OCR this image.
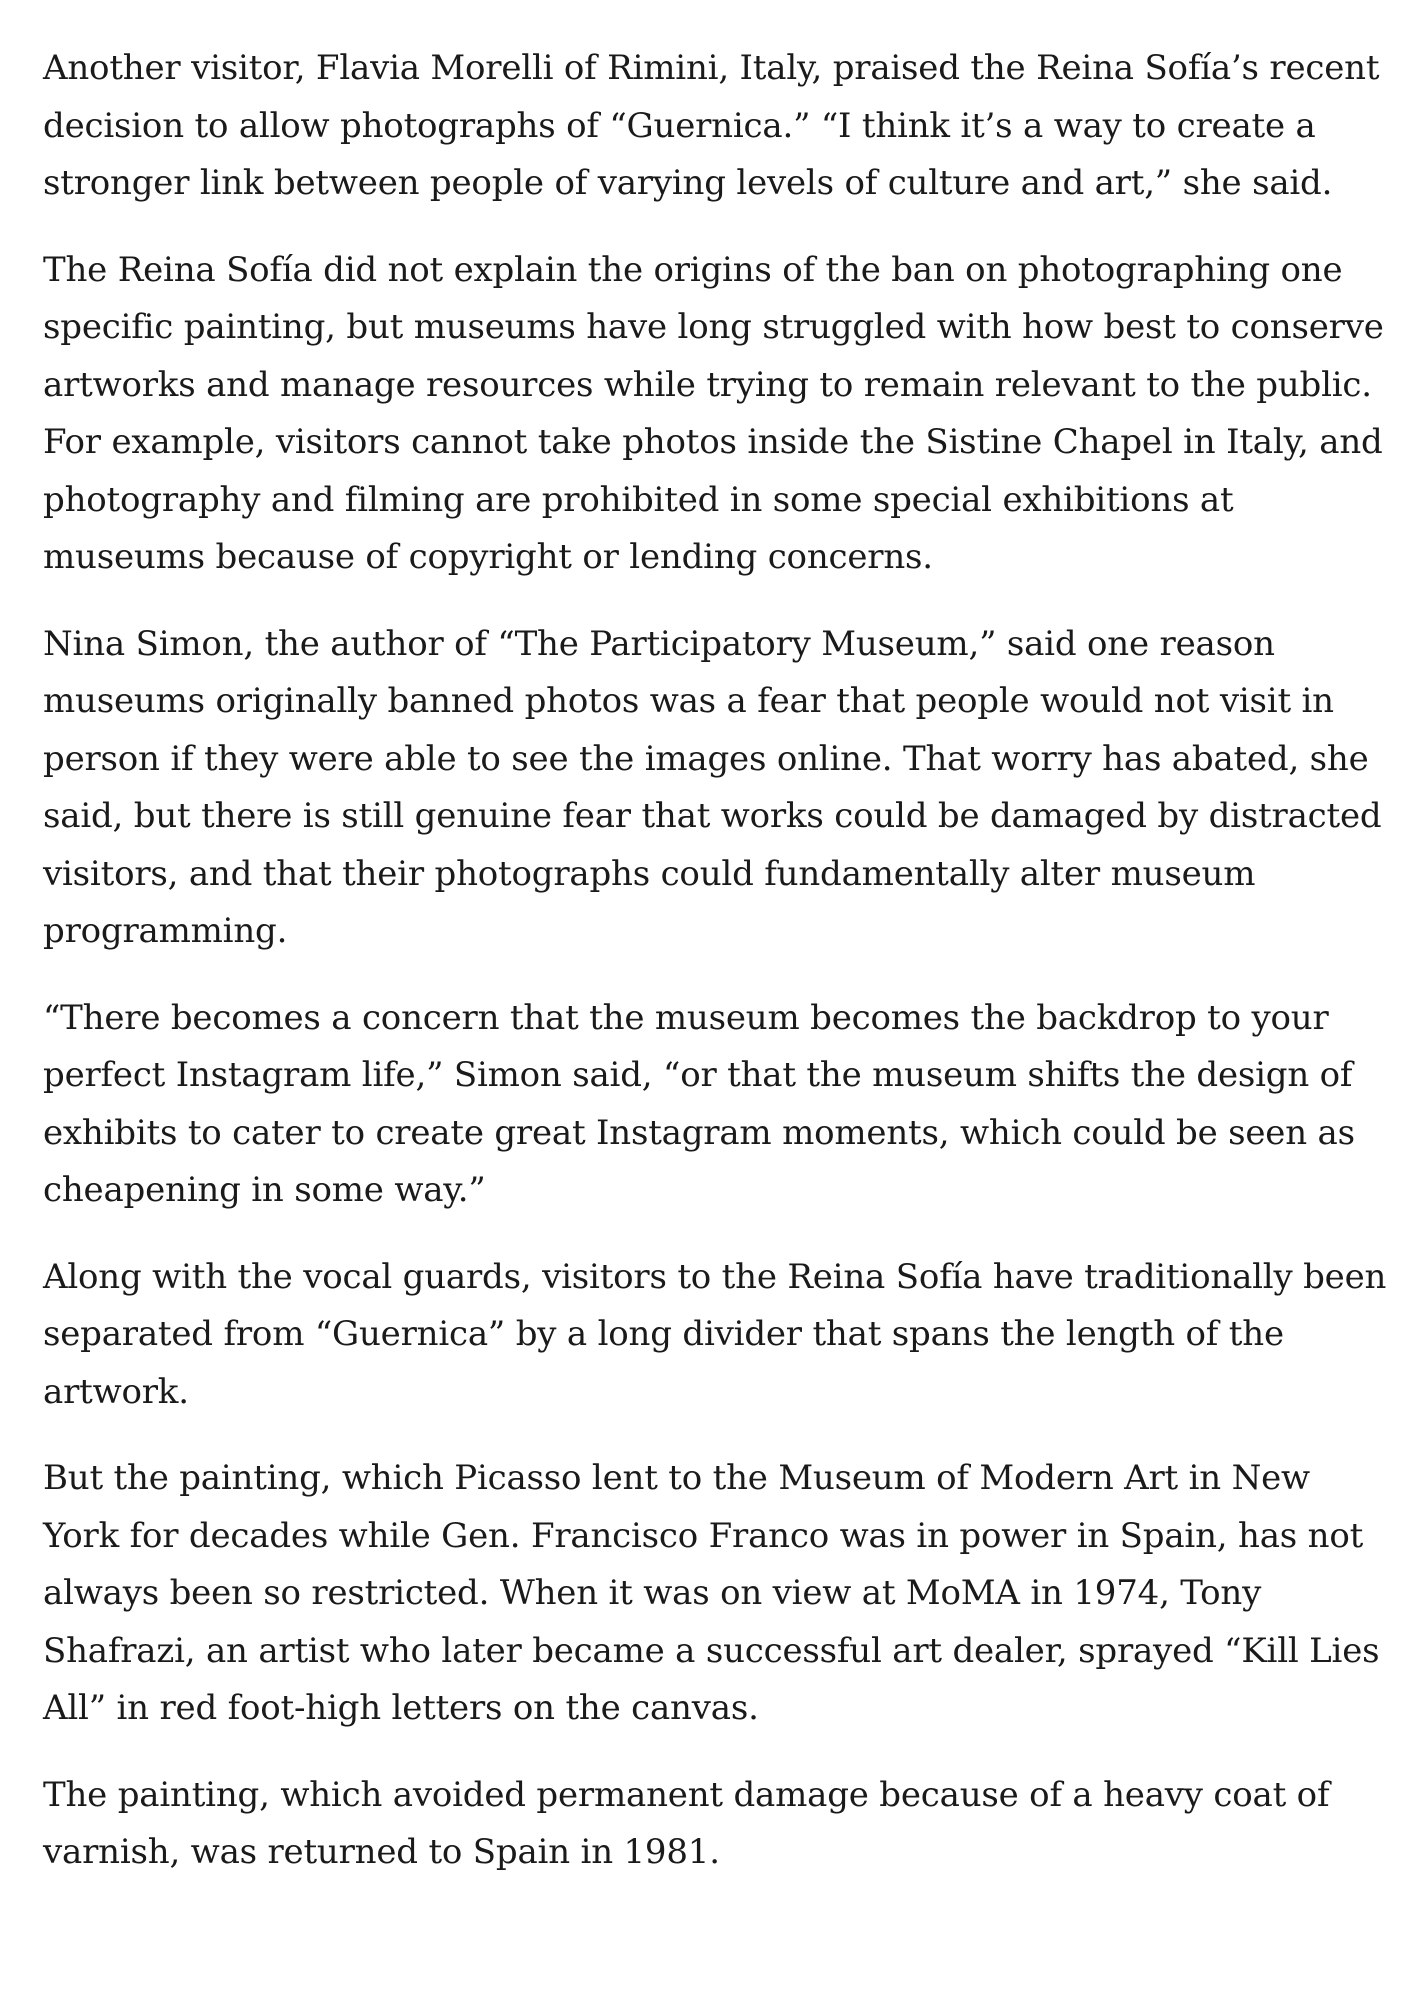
Another visitor, Flavia Morelli of Rimini, Italy, praised the Reina Sofía’s recent
decision to allow photographs of “Guernica.” “I think it’s a way to create a
stronger link between people of varying levels of culture and art,” she said.

The Reina Sofía did not explain the origins of the ban on photographing one
specific painting, but museums have long struggled with how best to conserve
artworks and manage resources while trying to remain relevant to the public.
For example, visitors cannot take photos inside the Sistine Chapel in Italy, and
photography and filming are prohibited in some special exhibitions at
museums because of copyright or lending concerns.

Nina Simon, the author of “The Participatory Museum,” said one reason
museums originally banned photos was a fear that people would not visit in
person if they were able to see the images online. That worry has abated, she
said, but there is still genuine fear that works could be damaged by distracted
visitors, and that their photographs could fundamentally alter museum
programming.

“There becomes a concern that the museum becomes the backdrop to your
perfect Instagram life,” Simon said, “or that the museum shifts the design of
exhibits to cater to create great Instagram moments, which could be seen as
cheapening in some way.”

Along with the vocal guards, visitors to the Reina Sofía have traditionally been
separated from “Guernica” by a long divider that spans the length of the
artwork.

But the painting, which Picasso lent to the Museum of Modern Art in New
York for decades while Gen. Francisco Franco was in power in Spain, has not
always been so restricted. When it was on view at MoMA in 1974, Tony
Shafrazi, an artist who later became a successful art dealer, sprayed “Kill Lies
All” in red foot-high letters on the canvas.

The painting, which avoided permanent damage because of a heavy coat of
varnish, was returned to Spain in 1981.
